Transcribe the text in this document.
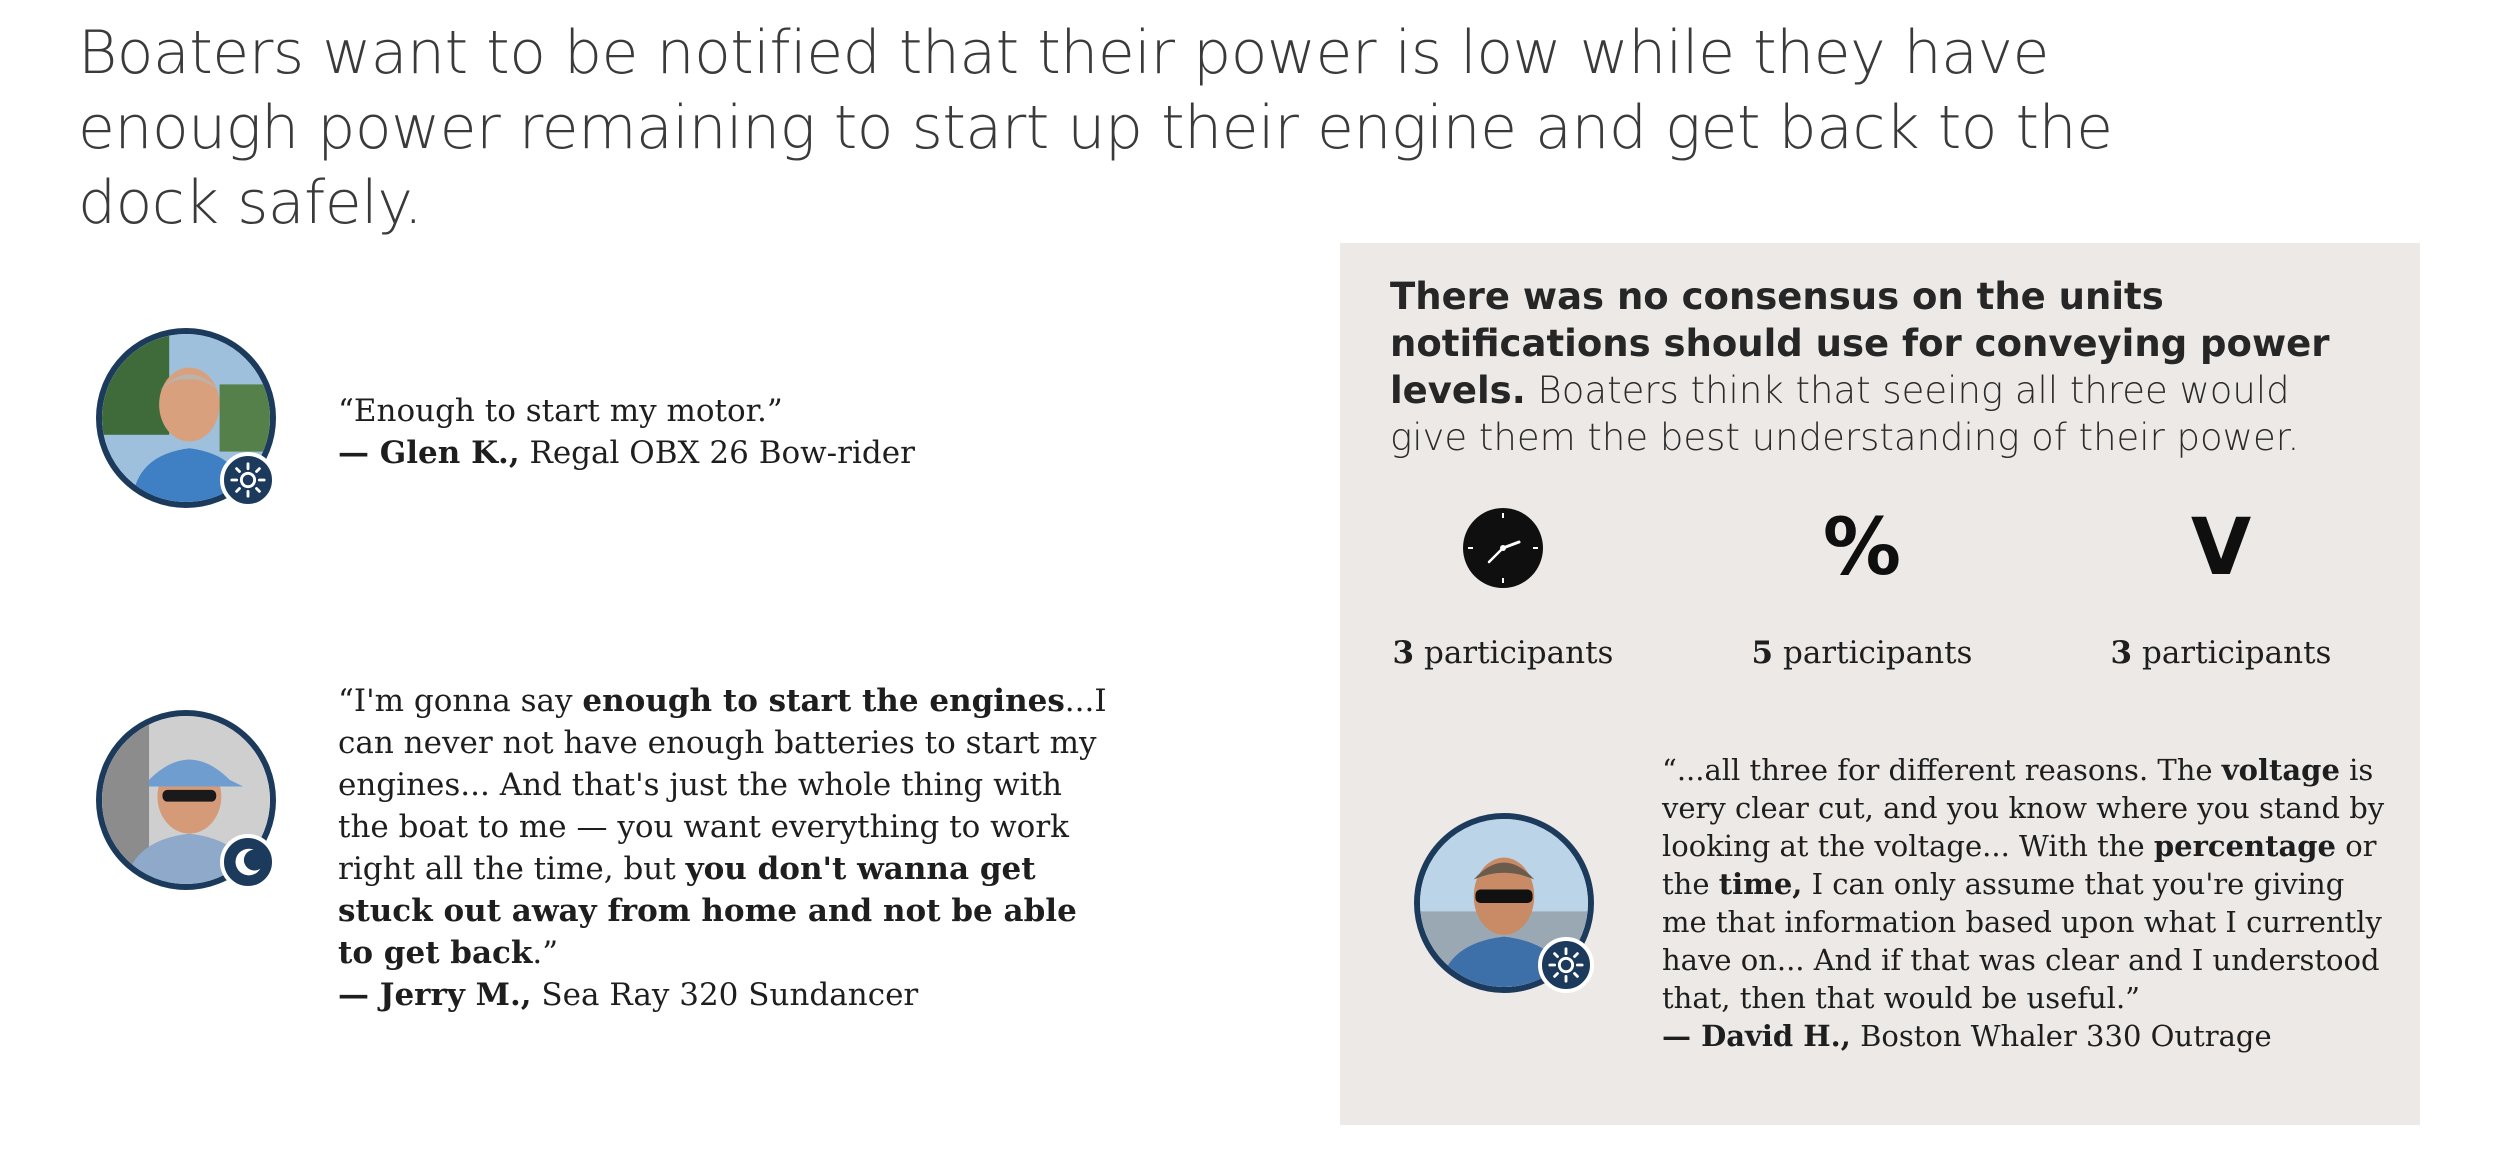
Boaters want to be notified that their power is low while they have enough power remaining to start up their engine and get back to the dock safely.

“Enough to start my motor.”
— Glen K., Regal OBX 26 Bow-rider

“I'm gonna say enough to start the engines...I can never not have enough batteries to start my engines... And that's just the whole thing with the boat to me — you want everything to work right all the time, but you don't wanna get stuck out away from home and not be able to get back.”
— Jerry M., Sea Ray 320 Sundancer

There was no consensus on the units notifications should use for conveying power levels. Boaters think that seeing all three would give them the best understanding of their power.

3 participants
%
5 participants
V
3 participants

“...all three for different reasons. The voltage is very clear cut, and you know where you stand by looking at the voltage... With the percentage or the time, I can only assume that you're giving me that information based upon what I currently have on... And if that was clear and I understood that, then that would be useful.”
— David H., Boston Whaler 330 Outrage
